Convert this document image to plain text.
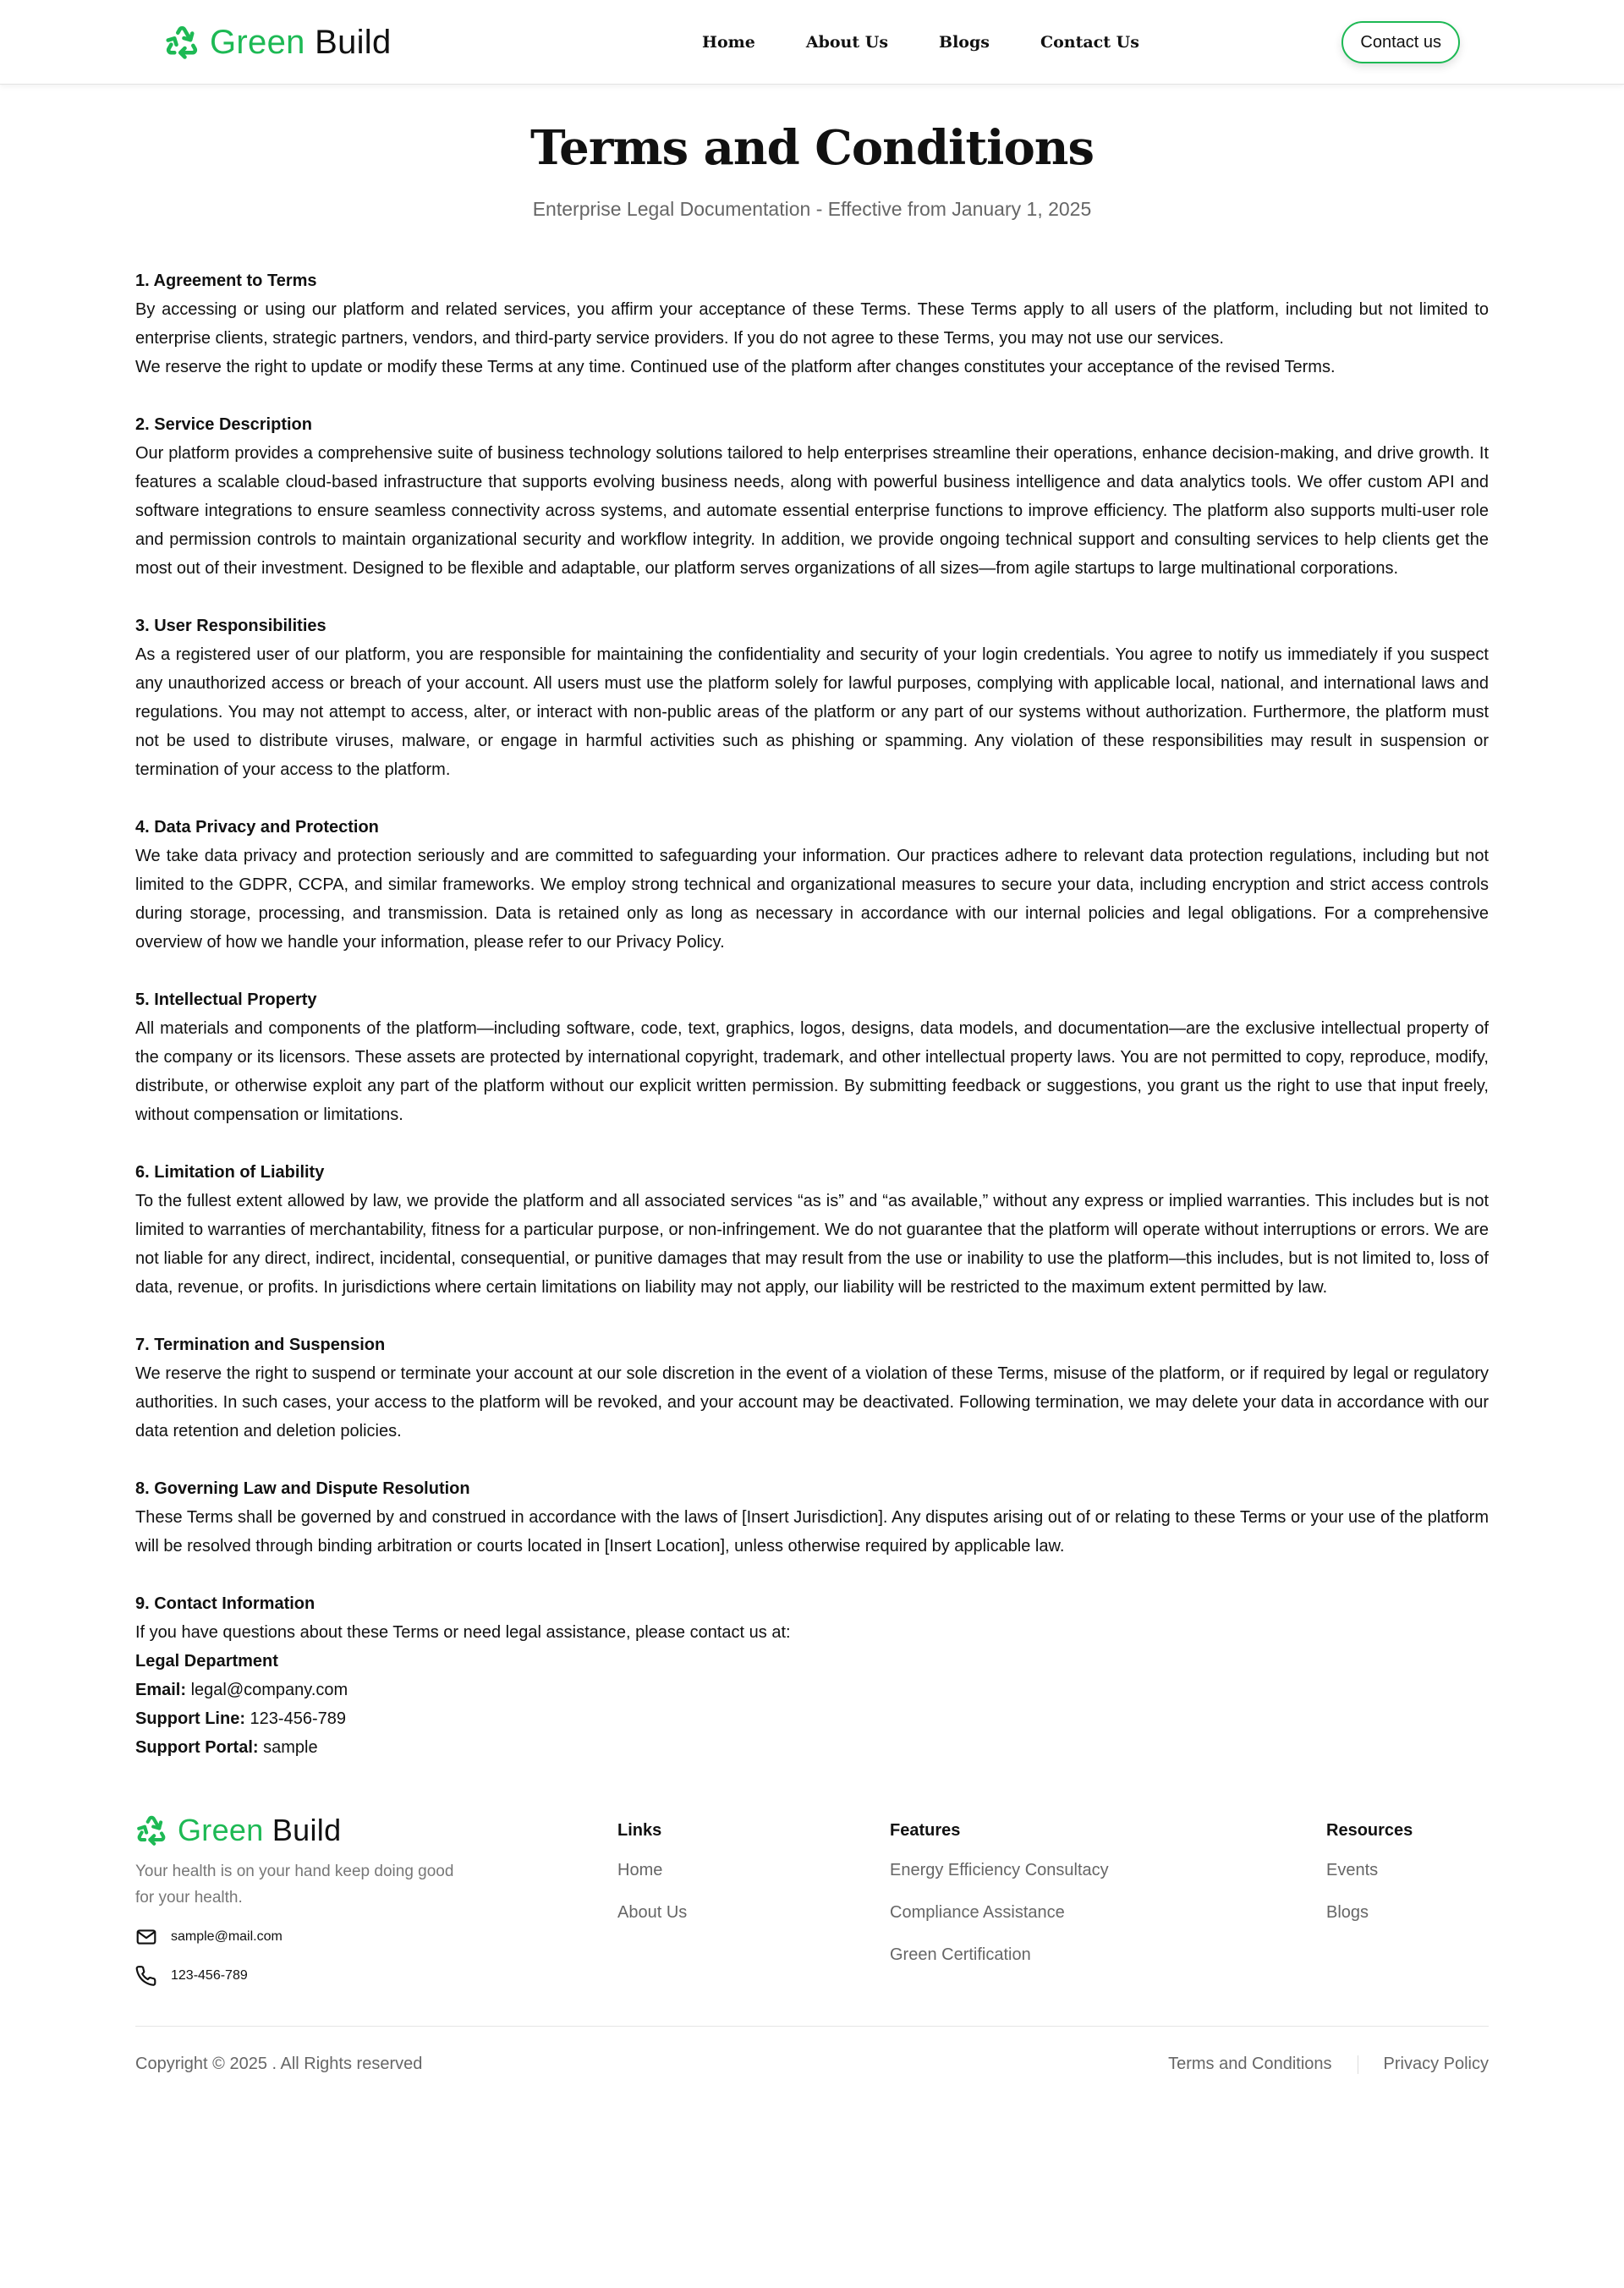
Green Build	Home	About Us	Blogs	Contact Us	Contact us
Terms and Conditions
Enterprise Legal Documentation - Effective from January 1, 2025
1. Agreement to Terms

By accessing or using our platform and related services, you affirm your acceptance of these Terms. These Terms apply to all users of the platform, including but not limited to enterprise clients, strategic partners, vendors, and third-party service providers. If you do not agree to these Terms, you may not use our services.

We reserve the right to update or modify these Terms at any time. Continued use of the platform after changes constitutes your acceptance of the revised Terms.

2. Service Description

Our platform provides a comprehensive suite of business technology solutions tailored to help enterprises streamline their operations, enhance decision-making, and drive growth. It features a scalable cloud-based infrastructure that supports evolving business needs, along with powerful business intelligence and data analytics tools. We offer custom API and software integrations to ensure seamless connectivity across systems, and automate essential enterprise functions to improve efficiency. The platform also supports multi-user role and permission controls to maintain organizational security and workflow integrity. In addition, we provide ongoing technical support and consulting services to help clients get the most out of their investment. Designed to be flexible and adaptable, our platform serves organizations of all sizes—from agile startups to large multinational corporations.

3. User Responsibilities

As a registered user of our platform, you are responsible for maintaining the confidentiality and security of your login credentials. You agree to notify us immediately if you suspect any unauthorized access or breach of your account. All users must use the platform solely for lawful purposes, complying with applicable local, national, and international laws and regulations. You may not attempt to access, alter, or interact with non-public areas of the platform or any part of our systems without authorization. Furthermore, the platform must not be used to distribute viruses, malware, or engage in harmful activities such as phishing or spamming. Any violation of these responsibilities may result in suspension or termination of your access to the platform.

4. Data Privacy and Protection

We take data privacy and protection seriously and are committed to safeguarding your information. Our practices adhere to relevant data protection regulations, including but not limited to the GDPR, CCPA, and similar frameworks. We employ strong technical and organizational measures to secure your data, including encryption and strict access controls during storage, processing, and transmission. Data is retained only as long as necessary in accordance with our internal policies and legal obligations. For a comprehensive overview of how we handle your information, please refer to our Privacy Policy.

5. Intellectual Property

All materials and components of the platform—including software, code, text, graphics, logos, designs, data models, and documentation—are the exclusive intellectual property of the company or its licensors. These assets are protected by international copyright, trademark, and other intellectual property laws. You are not permitted to copy, reproduce, modify, distribute, or otherwise exploit any part of the platform without our explicit written permission. By submitting feedback or suggestions, you grant us the right to use that input freely, without compensation or limitations.

6. Limitation of Liability

To the fullest extent allowed by law, we provide the platform and all associated services “as is” and “as available,” without any express or implied warranties. This includes but is not limited to warranties of merchantability, fitness for a particular purpose, or non-infringement. We do not guarantee that the platform will operate without interruptions or errors. We are not liable for any direct, indirect, incidental, consequential, or punitive damages that may result from the use or inability to use the platform—this includes, but is not limited to, loss of data, revenue, or profits. In jurisdictions where certain limitations on liability may not apply, our liability will be restricted to the maximum extent permitted by law.

7. Termination and Suspension

We reserve the right to suspend or terminate your account at our sole discretion in the event of a violation of these Terms, misuse of the platform, or if required by legal or regulatory authorities. In such cases, your access to the platform will be revoked, and your account may be deactivated. Following termination, we may delete your data in accordance with our data retention and deletion policies.

8. Governing Law and Dispute Resolution

These Terms shall be governed by and construed in accordance with the laws of [Insert Jurisdiction]. Any disputes arising out of or relating to these Terms or your use of the platform will be resolved through binding arbitration or courts located in [Insert Location], unless otherwise required by applicable law.

9. Contact Information

If you have questions about these Terms or need legal assistance, please contact us at:

Legal Department
Email: legal@company.com
Support Line: 123-456-789
Support Portal: sample
Green Build
Your health is on your hand keep doing good for your health.
sample@mail.com
123-456-789
Links
Home
About Us
Features
Energy Efficiency Consultacy
Compliance Assistance
Green Certification
Resources
Events
Blogs
Copyright © 2025 . All Rights reserved	Terms and Conditions	Privacy Policy
